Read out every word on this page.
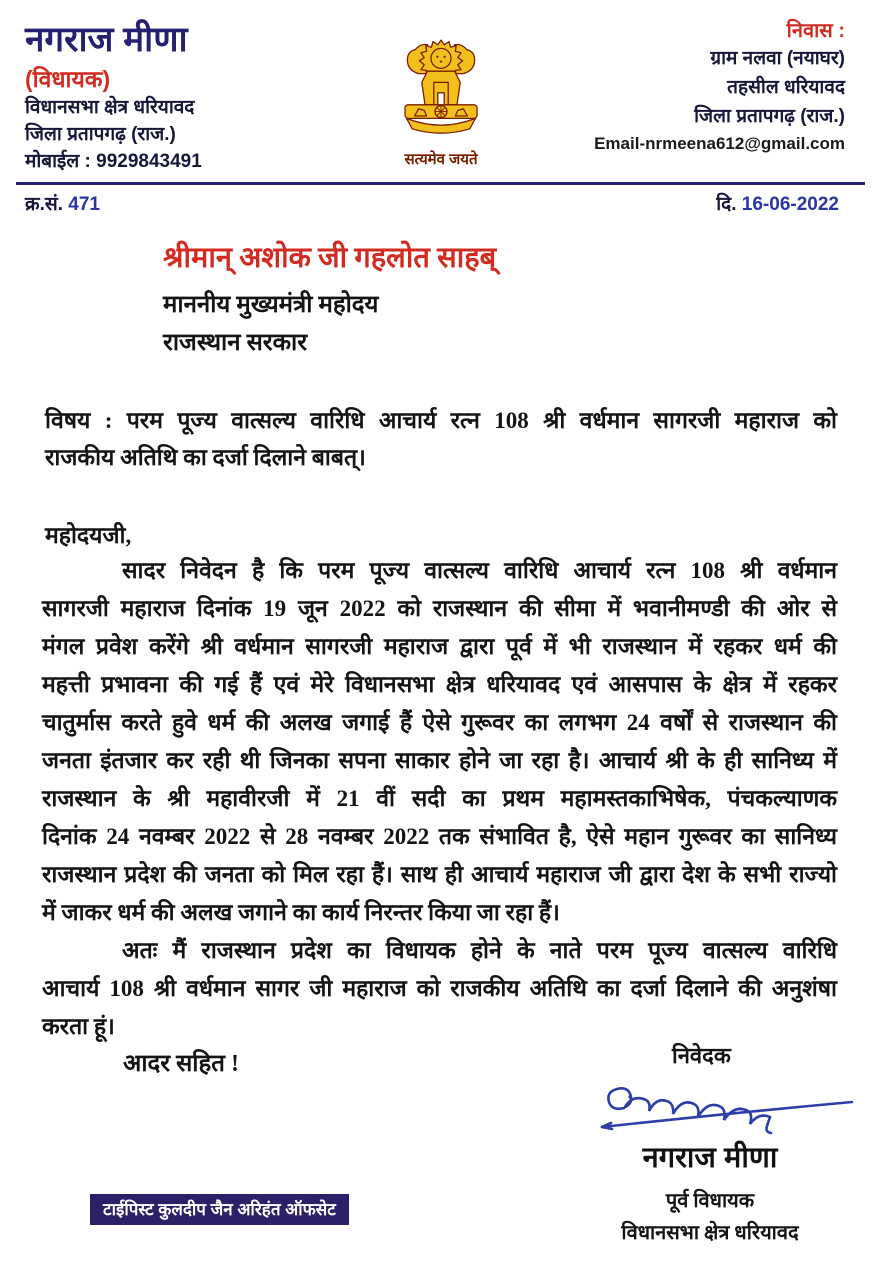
नगराज मीणा
(विधायक)
विधानसभा क्षेत्र धरियावद
जिला प्रतापगढ़ (राज.)
मोबाईल : 9929843491	सत्यमेव जयते
निवास :
ग्राम नलवा (नयाघर)
तहसील धरियावद
जिला प्रतापगढ़ (राज.)
Email-nrmeena612@gmail.com
क्र.सं. 471	दि. 16-06-2022
श्रीमान् अशोक जी गहलोत साहब्
माननीय मुख्यमंत्री महोदय
राजस्थान सरकार
विषय : परम पूज्य वात्सल्य वारिधि आचार्य रत्न 108 श्री वर्धमान सागरजी महाराज को
राजकीय अतिथि का दर्जा दिलाने बाबत्।
महोदयजी,
सादर निवेदन है कि परम पूज्य वात्सल्य वारिधि आचार्य रत्न 108 श्री वर्धमान
सागरजी महाराज दिनांक 19 जून 2022 को राजस्थान की सीमा में भवानीमण्डी की ओर से
मंगल प्रवेश करेंगे श्री वर्धमान सागरजी महाराज द्वारा पूर्व में भी राजस्थान में रहकर धर्म की
महत्ती प्रभावना की गई हैं एवं मेरे विधानसभा क्षेत्र धरियावद एवं आसपास के क्षेत्र में रहकर
चातुर्मास करते हुवे धर्म की अलख जगाई हैं ऐसे गुरूवर का लगभग 24 वर्षों से राजस्थान की
जनता इंतजार कर रही थी जिनका सपना साकार होने जा रहा है। आचार्य श्री के ही सानिध्य में
राजस्थान के श्री महावीरजी में 21 वीं सदी का प्रथम महामस्तकाभिषेक, पंचकल्याणक
दिनांक 24 नवम्बर 2022 से 28 नवम्बर 2022 तक संभावित है, ऐसे महान गुरूवर का सानिध्य
राजस्थान प्रदेश की जनता को मिल रहा हैं। साथ ही आचार्य महाराज जी द्वारा देश के सभी राज्यो
में जाकर धर्म की अलख जगाने का कार्य निरन्तर किया जा रहा हैं।
अतः मैं राजस्थान प्रदेश का विधायक होने के नाते परम पूज्य वात्सल्य वारिधि
आचार्य 108 श्री वर्धमान सागर जी महाराज को राजकीय अतिथि का दर्जा दिलाने की अनुशंषा
करता हूं।
आदर सहित !	निवेदक
नगराज मीणा
पूर्व विधायक
विधानसभा क्षेत्र धरियावद
टाईपिस्ट कुलदीप जैन अरिहंत ऑफसेट
